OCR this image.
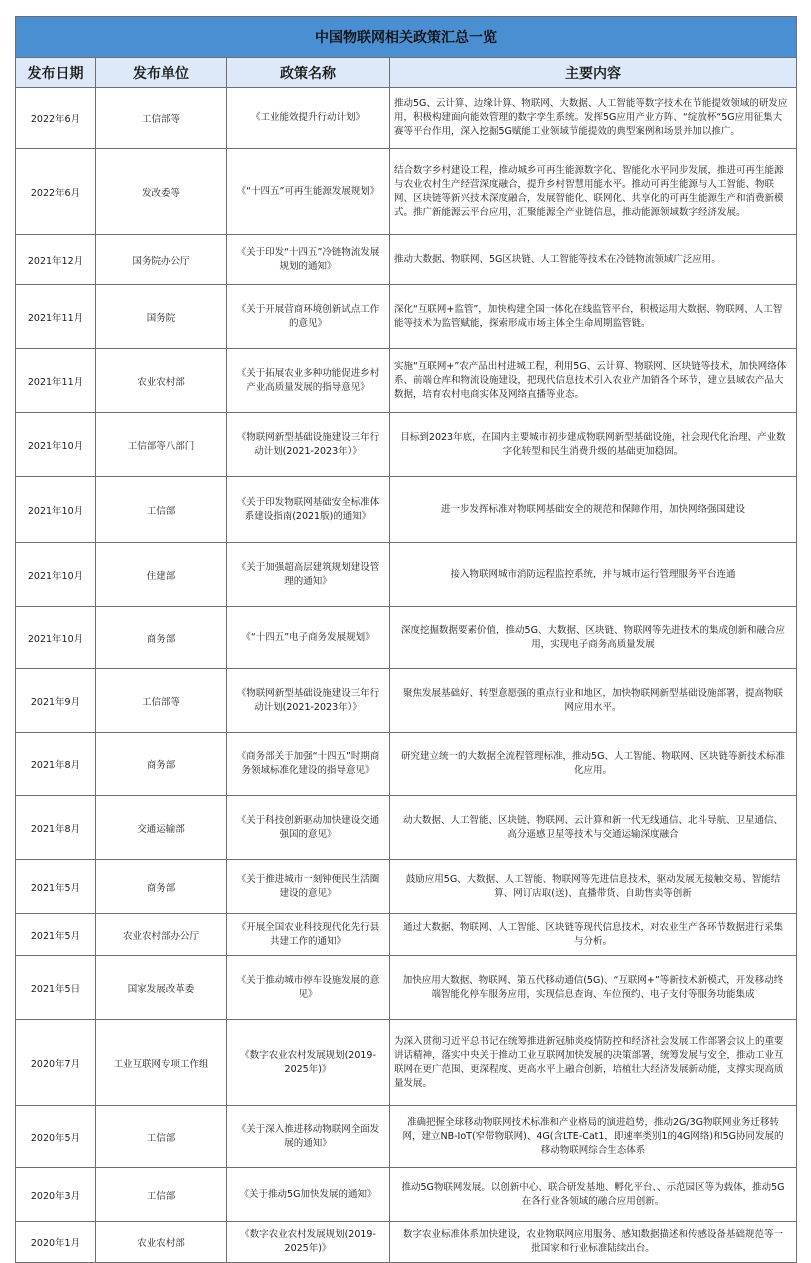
中国物联网相关政策汇总一览			
发布日期	发布单位	政策名称	主要内容
2022年6月	工信部等	《工业能效提升行动计划》	推动5G、云计算、边缘计算、物联网、大数据、人工智能等数字技术在节能提效领域的研发应用，积极构建面向能效管理的数字孪生系统。发挥5G应用产业方阵、“绽放杯“5G应用征集大赛等平台作用，深入挖掘5G赋能工业领域节能提效的典型案例和场景并加以推广。
2022年6月	发改委等	《“十四五”可再生能源发展规划》	结合数字乡村建设工程，推动城乡可再生能源数字化、智能化水平同步发展，推进可再生能源与农业农村生产经营深度融合，提升乡村智慧用能水平。推动可再生能源与人工智能、物联网、区块链等新兴技术深度融合，发展智能化、联网化、共享化的可再生能源生产和消费新模式。推广新能源云平台应用，汇聚能源全产业链信息，推动能源领域数字经济发展。
2021年12月	国务院办公厅	《关于印发“十四五”冷链物流发展规划的通知》	推动大数据、物联网、5G区块链、人工智能等技术在冷链物流领域广泛应用。
2021年11月	国务院	《关于开展营商环境创新试点工作的意见》	深化“互联网+监管”，加快构建全国一体化在线监管平台，积极运用大数据、物联网、人工智能等技术为监管赋能，探索形成市场主体全生命周期监管链。
2021年11月	农业农村部	《关于拓展农业多种功能促进乡村产业高质量发展的指导意见》	实施“互联网+”农产品出村进城工程，利用5G、云计算、物联网、区块链等技术，加快网络体系、前端仓库和物流设施建设，把现代信息技术引入农业产加销各个环节，建立县域农产品大数据，培育农村电商实体及网络直播等业态。
2021年10月	工信部等八部门	《物联网新型基础设施建设三年行动计划(2021-2023年）》	目标到2023年底，在国内主要城市初步建成物联网新型基础设施，社会现代化治理、产业数字化转型和民生消费升级的基础更加稳固。
2021年10月	工信部	《关于印发物联网基础安全标准体系建设指南(2021版)的通知》	进一步发挥标准对物联网基础安全的规范和保障作用，加快网络强国建设
2021年10月	住建部	《关于加强超高层建筑规划建设管理的通知》	接入物联网城市消防远程监控系统，并与城市运行管理服务平台连通
2021年10月	商务部	《“十四五”电子商务发展规划》	深度挖掘数据要素价值，推动5G、大数据、区块链、物联网等先进技术的集成创新和融合应用，实现电子商务高质量发展
2021年9月	工信部等	《物联网新型基础设施建设三年行动计划(2021-2023年）》	聚焦发展基础好、转型意愿强的重点行业和地区，加快物联网新型基础设施部署，提高物联网应用水平。
2021年8月	商务部	《商务部关于加强“十四五”时期商务领域标准化建设的指导意见》	研究建立统一的大数据全流程管理标准，推动5G、人工智能、物联网、区块链等新技术标准化应用。
2021年8月	交通运输部	《关于科技创新驱动加快建设交通强国的意见》	动大数据、人工智能、区块链、物联网、云计算和新一代无线通信、北斗导航、卫星通信、高分遥感卫星等技术与交通运输深度融合
2021年5月	商务部	《关于推进城市一刻钟便民生活圈建设的意见》	鼓励应用5G、大数据、人工智能、物联网等先进信息技术，驱动发展无接触交易、智能结算、网订店取(送)、直播带货、自助售卖等创新
2021年5月	农业农村部办公厅	《开展全国农业科技现代化先行县共建工作的通知》	通过大数据、物联网、人工智能、区块链等现代信息技术，对农业生产各环节数据进行采集与分析。
2021年5日	国家发展改革委	《关于推动城市停车设施发展的意见》	加快应用大数据、物联网、第五代移动通信(5G)、“互联网+”等新技术新模式，开发移动终端智能化停车服务应用，实现信息查询、车位预约、电子支付等服务功能集成
2020年7月	工业互联网专项工作组	《数字农业农村发展规划(2019-2025年)》	为深入贯彻习近平总书记在统筹推进新冠肺炎疫情防控和经济社会发展工作部署会议上的重要讲话精神，落实中央关于推动工业互联网加快发展的决策部署，统筹发展与安全，推动工业互联网在更广范围、更深程度、更高水平上融合创新，培植壮大经济发展新动能，支撑实现高质量发展。
2020年5月	工信部	《关于深入推进移动物联网全面发展的通知》	准确把握全球移动物联网技术标准和产业格局的演进趋势，推动2G/3G物联网业务迁移转网，建立NB-IoT(窄带物联网)、4G(含LTE-Cat1，即速率类别1的4G网络)和5G协同发展的移动物联网综合生态体系
2020年3月	工信部	《关于推动5G加快发展的通知》	推动5G物联网发展。以创新中心、联合研发基地、孵化平台、、示范园区等为载体，推动5G在各行业各领域的融合应用创新。
2020年1月	农业农村部	《数字农业农村发展规划(2019-2025年)》	数字农业标准体系加快建设，农业物联网应用服务、感知数据描述和传感设备基础规范等一批国家和行业标准陆续出台。
